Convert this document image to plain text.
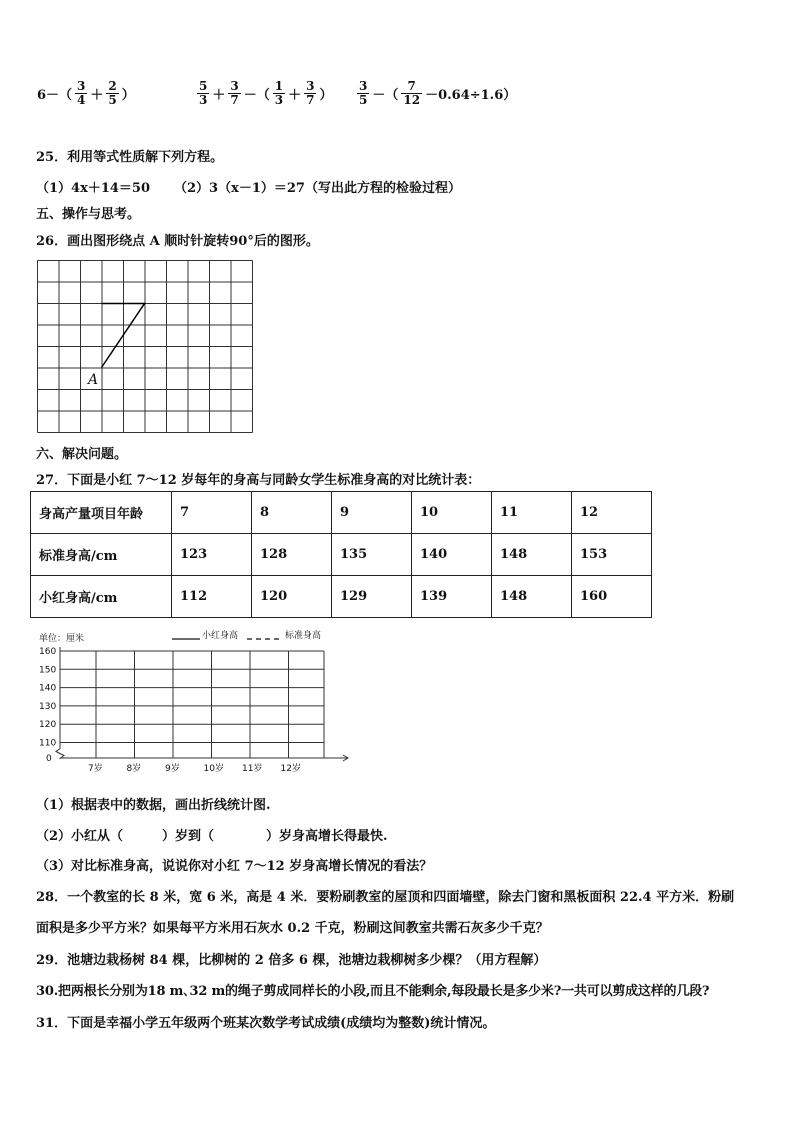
$6-( \frac{3}{4} + \frac{2}{5}$ ）	$\frac{5}{3} + \frac{3}{7}$ －（ $\frac{1}{3} + \frac{3}{7}$ ） $\frac{3}{5}$ －（ $\frac{7}{12} -0.64\div 1.6$）
25．利用等式性质解下列方程。
（1）4x＋14＝50 （2）3（x－1）＝27（写出此方程的检验过程）
五、操作与思考。
26．画出图形绕点 A 顺时针旋转90°后的图形。
A
六、解决问题。
27．下面是小红 7～12 岁每年的身高与同龄女学生标准身高的对比统计表：
身高产量项目年龄	7	8	9	10	11	12
标准身高/cm	123	128	135	140	148	153
小红身高/cm	112	120	129	139	148	160
单位：厘米	小红身高	标准身高
160
150
140
130
120
110
0
7岁	8岁	9岁	10岁 11岁 12岁
（1）根据表中的数据，画出折线统计图.
（2）小红从（　　　）岁到（　　　　）岁身高增长得最快.
（3）对比标准身高，说说你对小红 7～12 岁身高增长情况的看法？
28．一个教室的长 8 米，宽 6 米，高是 4 米．要粉刷教室的屋顶和四面墙壁，除去门窗和黑板面积 22.4 平方米．粉刷
面积是多少平方米？如果每平方米用石灰水 0.2 千克，粉刷这间教室共需石灰多少千克？
29．池塘边栽杨树 84 棵，比柳树的 2 倍多 6 棵，池塘边栽柳树多少棵？（用方程解）
30.把两根长分别为18 m､32 m的绳子剪成同样长的小段,而且不能剩余,每段最长是多少米?一共可以剪成这样的几段?
31．下面是幸福小学五年级两个班某次数学考试成绩(成绩均为整数)统计情况。
